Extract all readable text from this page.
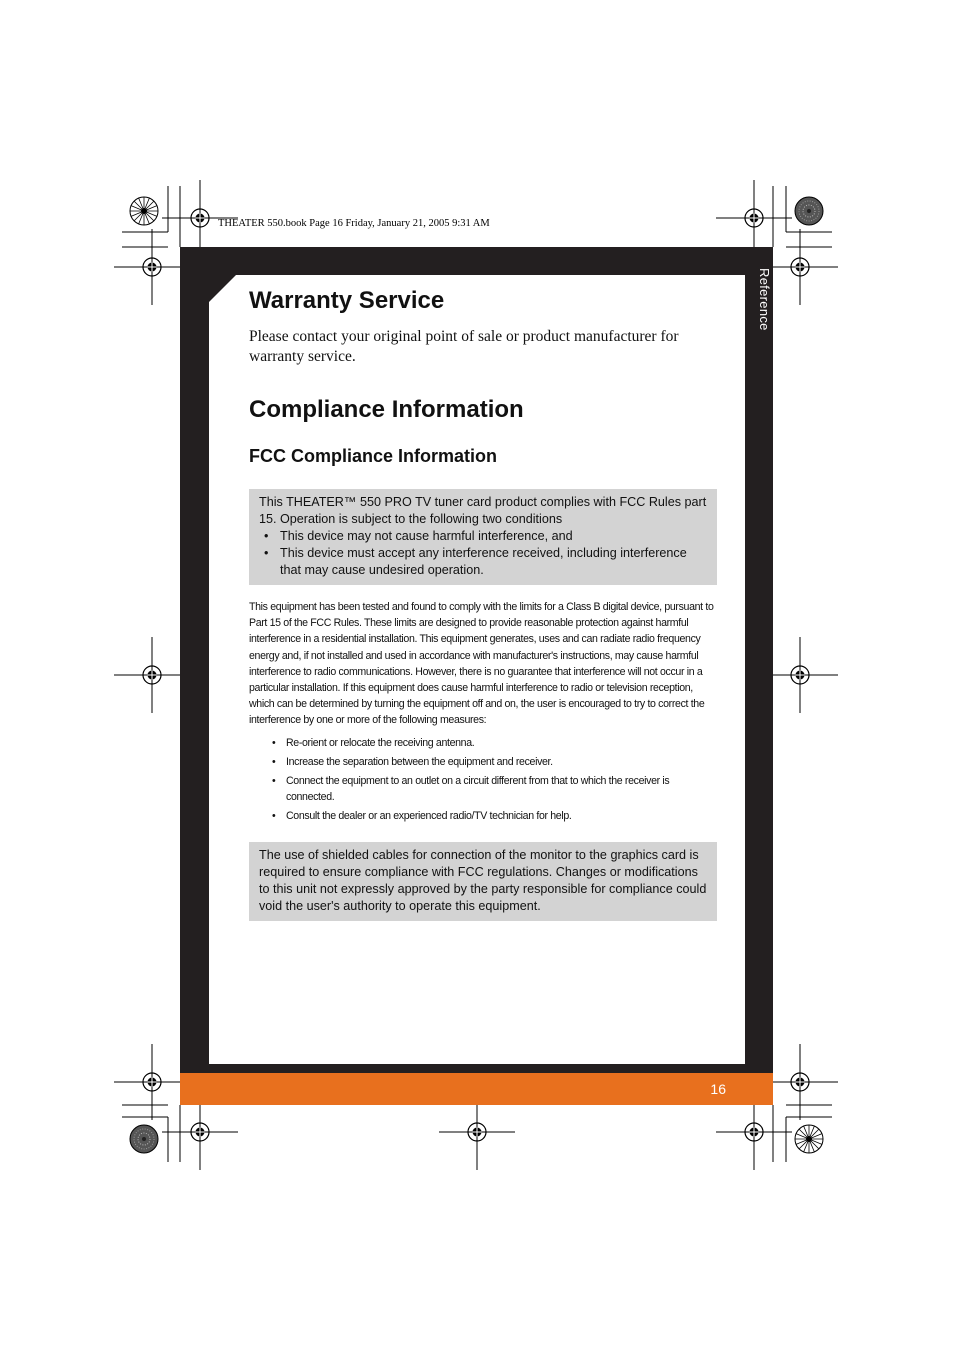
THEATER 550.book Page 16 Friday, January 21, 2005 9:31 AM
16
Reference
Warranty Service
Please contact your original point of sale or product manufacturer for warranty service.
Compliance Information
FCC Compliance Information
This THEATER™ 550 PRO TV tuner card product complies with FCC Rules part 15. Operation is subject to the following two conditions
• This device may not cause harmful interference, and
• This device must accept any interference received, including interference that may cause undesired operation.
This equipment has been tested and found to comply with the limits for a Class B digital device, pursuant to Part 15 of the FCC Rules. These limits are designed to provide reasonable protection against harmful interference in a residential installation. This equipment generates, uses and can radiate radio frequency energy and, if not installed and used in accordance with manufacturer's instructions, may cause harmful interference to radio communications. However, there is no guarantee that interference will not occur in a particular installation. If this equipment does cause harmful interference to radio or television reception, which can be determined by turning the equipment off and on, the user is encouraged to try to correct the interference by one or more of the following measures:
• Re-orient or relocate the receiving antenna.
• Increase the separation between the equipment and receiver.
• Connect the equipment to an outlet on a circuit different from that to which the receiver is connected.
• Consult the dealer or an experienced radio/TV technician for help.
The use of shielded cables for connection of the monitor to the graphics card is required to ensure compliance with FCC regulations. Changes or modifications to this unit not expressly approved by the party responsible for compliance could void the user's authority to operate this equipment.
